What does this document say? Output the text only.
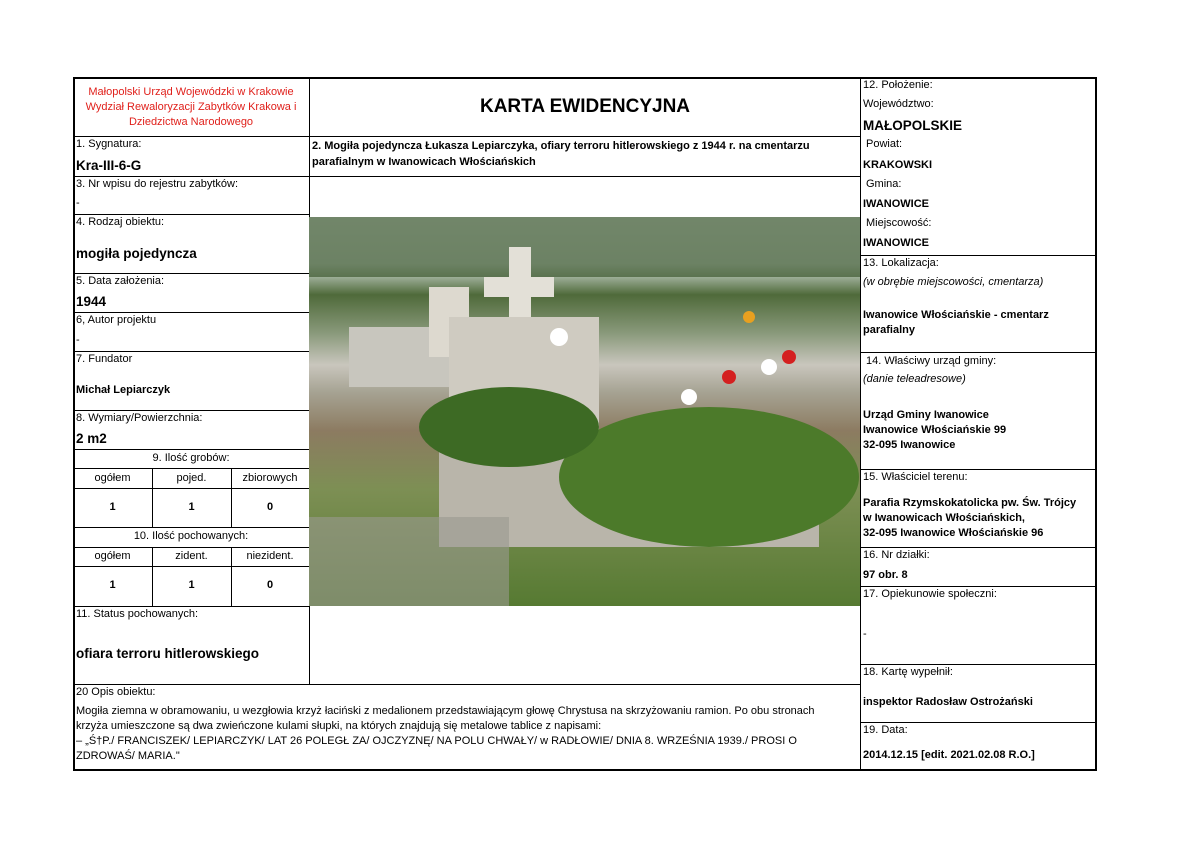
Małopolski Urząd Wojewódzki w Krakowie
Wydział Rewaloryzacji Zabytków Krakowa i
Dziedzictwa Narodowego
KARTA EWIDENCYJNA
1. Sygnatura:
Kra-III-6-G
2. Mogiła pojedyncza Łukasza Lepiarczyka, ofiary terroru hitlerowskiego z 1944 r. na cmentarzu
parafialnym w Iwanowicach Włościańskich
3. Nr wpisu do rejestru zabytków:
-
4. Rodzaj obiektu:
mogiła pojedyncza
5. Data założenia:
1944
6, Autor projektu
-
7. Fundator
Michał Lepiarczyk
8. Wymiary/Powierzchnia:
2 m2
9. Ilość grobów:
ogółem	pojed.	zbiorowych
1	1	0
10. Ilość pochowanych:
ogółem	zident.	niezident.
1	1	0
11. Status pochowanych:
ofiara terroru hitlerowskiego
20 Opis obiektu:
Mogiła ziemna w obramowaniu, u wezgłowia krzyż łaciński z medalionem przedstawiającym głowę Chrystusa na skrzyżowaniu ramion. Po obu stronach
krzyża umieszczone są dwa zwieńczone kulami słupki, na których znajdują się metalowe tablice z napisami:
– „Ś†P./ FRANCISZEK/ LEPIARCZYK/ LAT 26 POLEGŁ ZA/ OJCZYZNĘ/ NA POLU CHWAŁY/ w RADŁOWIE/ DNIA 8. WRZEŚNIA 1939./ PROSI O
ZDROWAŚ/ MARIA."
12. Położenie:
Województwo:
MAŁOPOLSKIE
Powiat:
KRAKOWSKI
Gmina:
IWANOWICE
Miejscowość:
IWANOWICE
13. Lokalizacja:
(w obrębie miejscowości, cmentarza)
Iwanowice Włościańskie - cmentarz
parafialny
14. Właściwy urząd gminy:
(danie teleadresowe)
Urząd Gminy Iwanowice
Iwanowice Włościańskie 99
32-095 Iwanowice
15. Właściciel terenu:
Parafia Rzymskokatolicka pw. Św. Trójcy
w Iwanowicach Włościańskich,
32-095 Iwanowice Włościańskie 96
16. Nr działki:
97 obr. 8
17. Opiekunowie społeczni:
-
18. Kartę wypełnił:
inspektor Radosław Ostrożański
19. Data:
2014.12.15 [edit. 2021.02.08 R.O.]
